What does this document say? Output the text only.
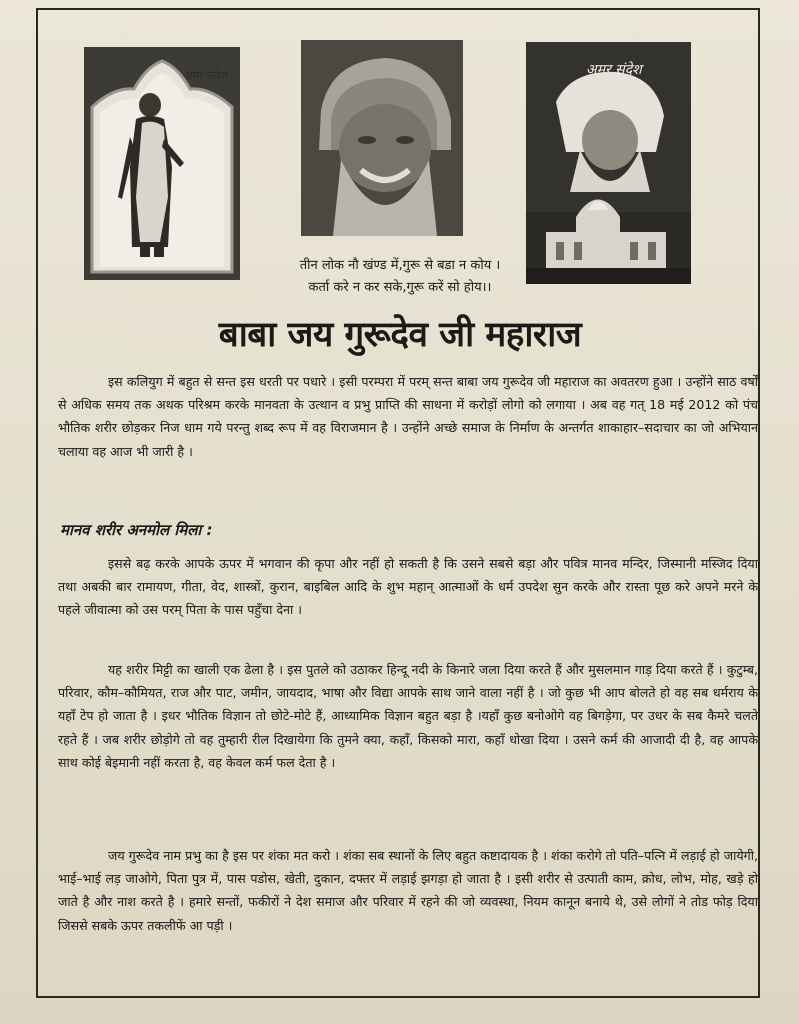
अमर संदेश	अमर संदेश
तीन लोक नौ खंण्ड में,गुरू से बडा न कोय ।
कर्ता करे न कर सके,गुरू करें सो होय।।
बाबा जय गुरूदेव जी महाराज
इस कलियुग में बहुत से सन्त इस धरती पर पधारे । इसी परम्परा में परम् सन्त बाबा जय गुरूदेव जी महाराज का अवतरण हुआ । उन्होंने साठ वर्षों से अधिक समय तक अथक परिश्रम करके मानवता के उत्थान व प्रभु प्राप्ति की साधना में करोड़ों लोगो को लगाया । अब वह गत् 18 मई 2012 को पंच भौतिक शरीर छोड़कर निज धाम गये परन्तु शब्द रूप में वह विराजमान है । उन्होंने अच्छे समाज के निर्माण के अन्तर्गत शाकाहार–सदाचार का जो अभियान चलाया वह आज भी जारी है ।
मानव शरीर अनमोल मिला :
इससे बढ़ करके आपके ऊपर में भगवान की कृपा और नहीं हो सकती है कि उसने सबसे बड़ा और पवित्र मानव मन्दिर, जिस्मानी मस्जिद दिया तथा अबकी बार रामायण, गीता, वेद, शास्त्रों, कुरान, बाइबिल आदि के शुभ महान् आत्माओं के धर्म उपदेश सुन करके और रास्ता पूछ करे अपने मरने के पहले जीवात्मा को उस परम् पिता के पास पहुँचा देना ।
यह शरीर मिट्टी का खाली एक ढेला है । इस पुतले को उठाकर हिन्दू नदी के किनारे जला दिया करते हैं और मुसलमान गाड़ दिया करते हैं । कुटुम्ब, परिवार, कौम–कौमियत, राज और पाट, जमीन, जायदाद, भाषा और विद्या आपके साथ जाने वाला नहीं है । जो कुछ भी आप बोलते हो वह सब धर्मराय के यहाँ टेप हो जाता है । इधर भौतिक विज्ञान तो छोटे-मोटे हैं, आध्यामिक विज्ञान बहुत बड़ा है ।यहाँ कुछ बनोओगे वह बिगड़ेगा, पर उधर के सब कैमरे चलते रहते हैं । जब शरीर छोड़ोगे तो वह तुम्हारी रील दिखायेगा कि तुमने क्या, कहाँ, किसको मारा, कहाँ धोखा दिया । उसने कर्म की आजादी दी है, वह आपके साथ कोई बेइमानी नहीं करता है, वह केवल कर्म फल देता है ।
जय गुरूदेव नाम प्रभु का है इस पर शंका मत करो । शंका सब स्थानों के लिए बहुत कष्टादायक है । शंका करोगे तो पति–पत्नि में लड़ाई हो जायेगी, भाई–भाई लड़ जाओगे, पिता पुत्र में, पास पडोस, खेती, दुकान, दफ्तर में लड़ाई झगड़ा हो जाता है । इसी शरीर से उत्पाती काम, क्रोध, लोभ, मोह, खड़े हो जाते है और नाश करते है । हमारे सन्तों, फकीरों ने देश समाज और परिवार में रहने की जो व्यवस्था, नियम कानून बनाये थे, उसे लोगों ने तोड फोड़ दिया जिससे सबके ऊपर तकलीफें आ पड़ी ।
